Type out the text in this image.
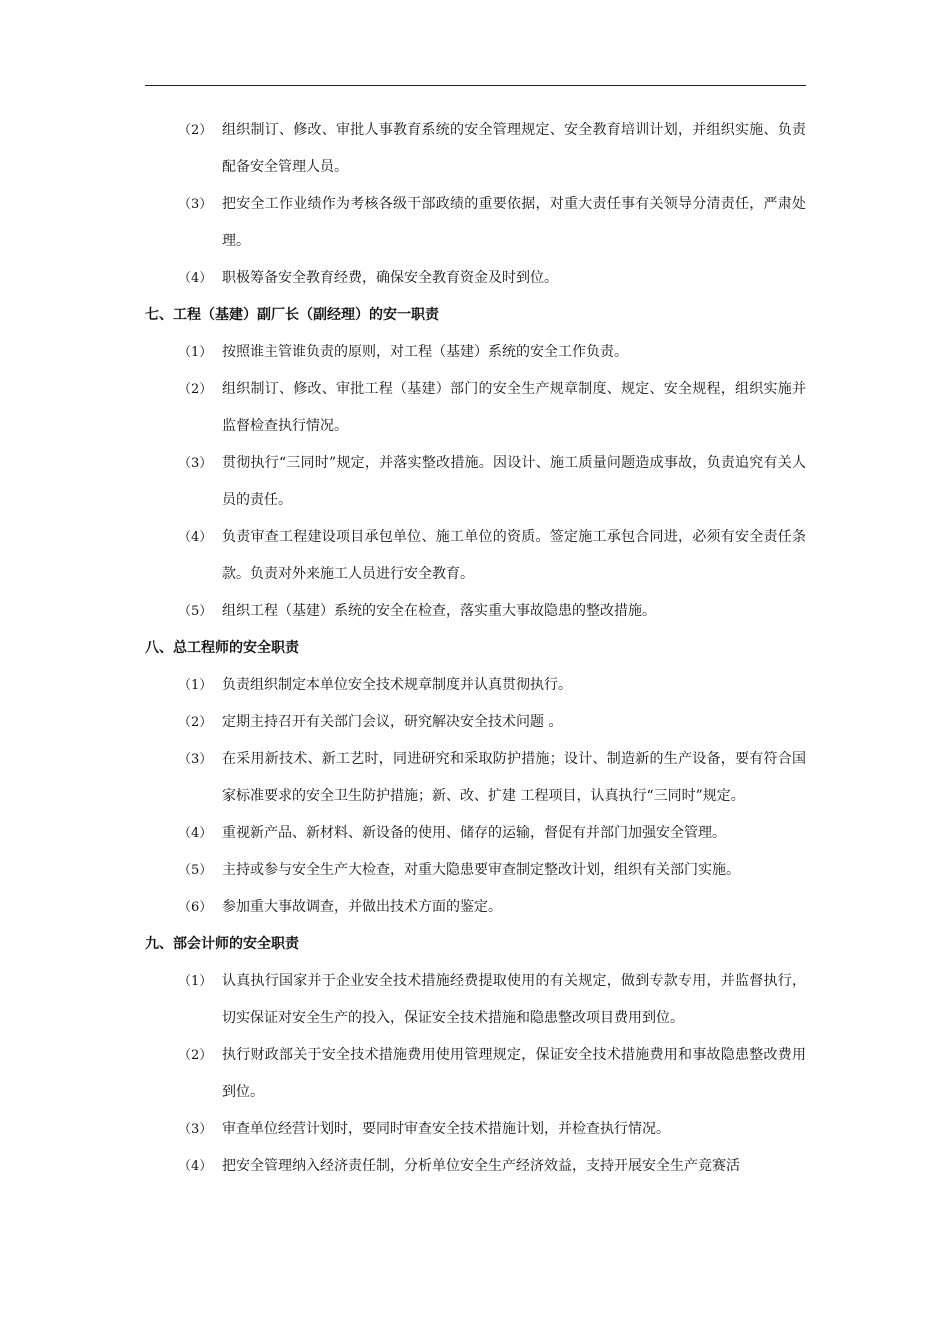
（2） 组织制订、修改、审批人事教育系统的安全管理规定、安全教育培训计划，并组织实施、负责配备安全管理人员。
（3） 把安全工作业绩作为考核各级干部政绩的重要依据，对重大责任事有关领导分清责任，严肃处理。
（4） 职极筹备安全教育经费，确保安全教育资金及时到位。
七、工程（基建）副厂长（副经理）的安一职责
（1） 按照谁主管谁负责的原则，对工程（基建）系统的安全工作负责。
（2） 组织制订、修改、审批工程（基建）部门的安全生产规章制度、规定、安全规程，组织实施并监督检查执行情况。
（3） 贯彻执行“三同时”规定，并落实整改措施。因设计、施工质量问题造成事故，负责追究有关人员的责任。
（4） 负责审查工程建设项目承包单位、施工单位的资质。签定施工承包合同进，必须有安全责任条款。负责对外来施工人员进行安全教育。
（5） 组织工程（基建）系统的安全在检查，落实重大事故隐患的整改措施。
八、总工程师的安全职责
（1） 负责组织制定本单位安全技术规章制度并认真贯彻执行。
（2） 定期主持召开有关部门会议，研究解决安全技术问题 。
（3） 在采用新技术、新工艺时，同进研究和采取防护措施；设计、制造新的生产设备，要有符合国家标准要求的安全卫生防护措施；新、改、扩建 工程项目，认真执行“三同时”规定。
（4） 重视新产品、新材料、新设备的使用、储存的运输，督促有并部门加强安全管理。
（5） 主持或参与安全生产大检查，对重大隐患要审查制定整改计划，组织有关部门实施。
（6） 参加重大事故调查，并做出技术方面的鉴定。
九、部会计师的安全职责
（1） 认真执行国家并于企业安全技术措施经费提取使用的有关规定，做到专款专用，并监督执行，切实保证对安全生产的投入，保证安全技术措施和隐患整改项目费用到位。
（2） 执行财政部关于安全技术措施费用使用管理规定，保证安全技术措施费用和事故隐患整改费用到位。
（3） 审查单位经营计划时，要同时审查安全技术措施计划，并检查执行情况。
（4） 把安全管理纳入经济责任制，分析单位安全生产经济效益，支持开展安全生产竞赛活
